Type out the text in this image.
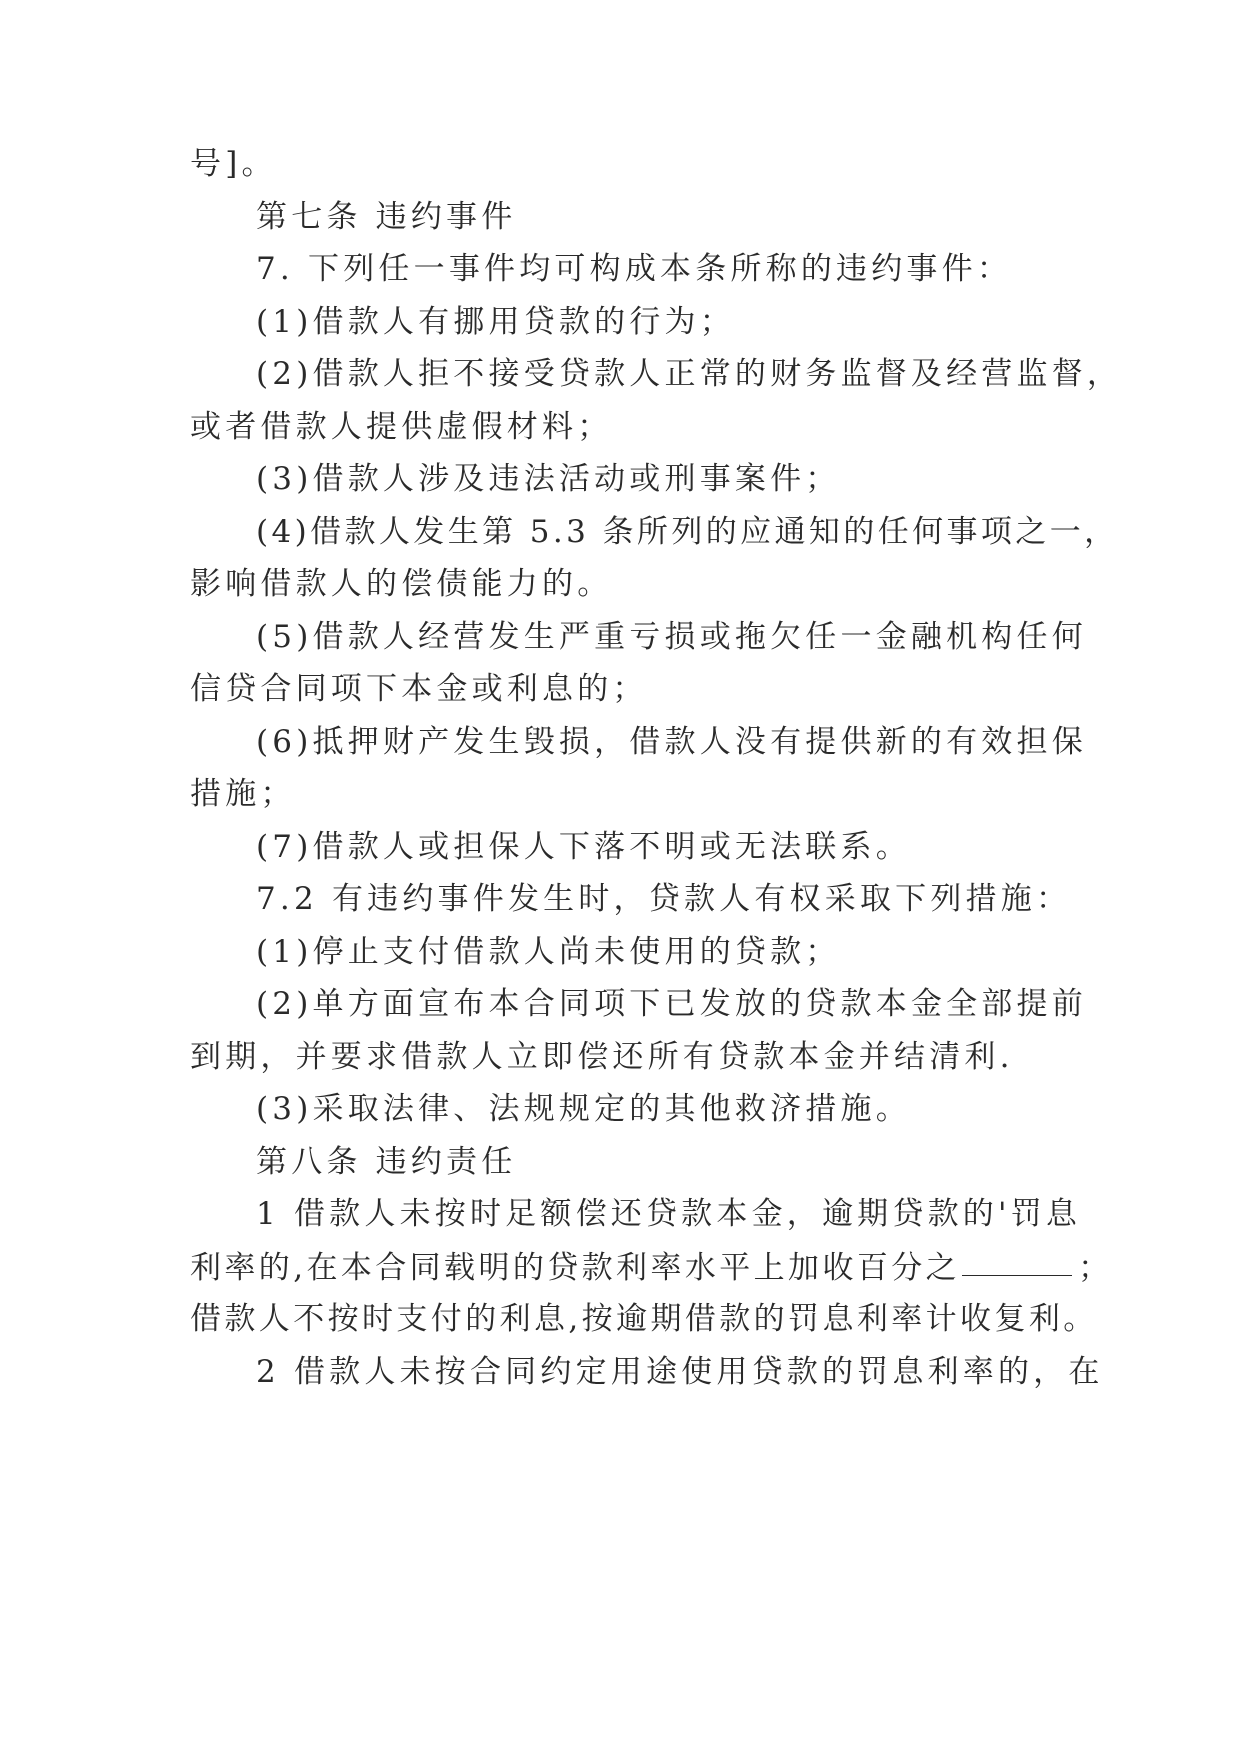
号]。
第七条 违约事件
7. 下列任一事件均可构成本条所称的违约事件：
(1)借款人有挪用贷款的行为；
(2)借款人拒不接受贷款人正常的财务监督及经营监督，
或者借款人提供虚假材料；
(3)借款人涉及违法活动或刑事案件；
(4)借款人发生第 5.3 条所列的应通知的任何事项之一，
影响借款人的偿债能力的。
(5)借款人经营发生严重亏损或拖欠任一金融机构任何
信贷合同项下本金或利息的；
(6)抵押财产发生毁损，借款人没有提供新的有效担保
措施；
(7)借款人或担保人下落不明或无法联系。
7.2 有违约事件发生时，贷款人有权采取下列措施：
(1)停止支付借款人尚未使用的贷款；
(2)单方面宣布本合同项下已发放的贷款本金全部提前
到期，并要求借款人立即偿还所有贷款本金并结清利.
(3)采取法律、法规规定的其他救济措施。
第八条 违约责任
1 借款人未按时足额偿还贷款本金，逾期贷款的'罚息
利率的,在本合同载明的贷款利率水平上加收百分之	；
借款人不按时支付的利息,按逾期借款的罚息利率计收复利。
2 借款人未按合同约定用途使用贷款的罚息利率的，在
